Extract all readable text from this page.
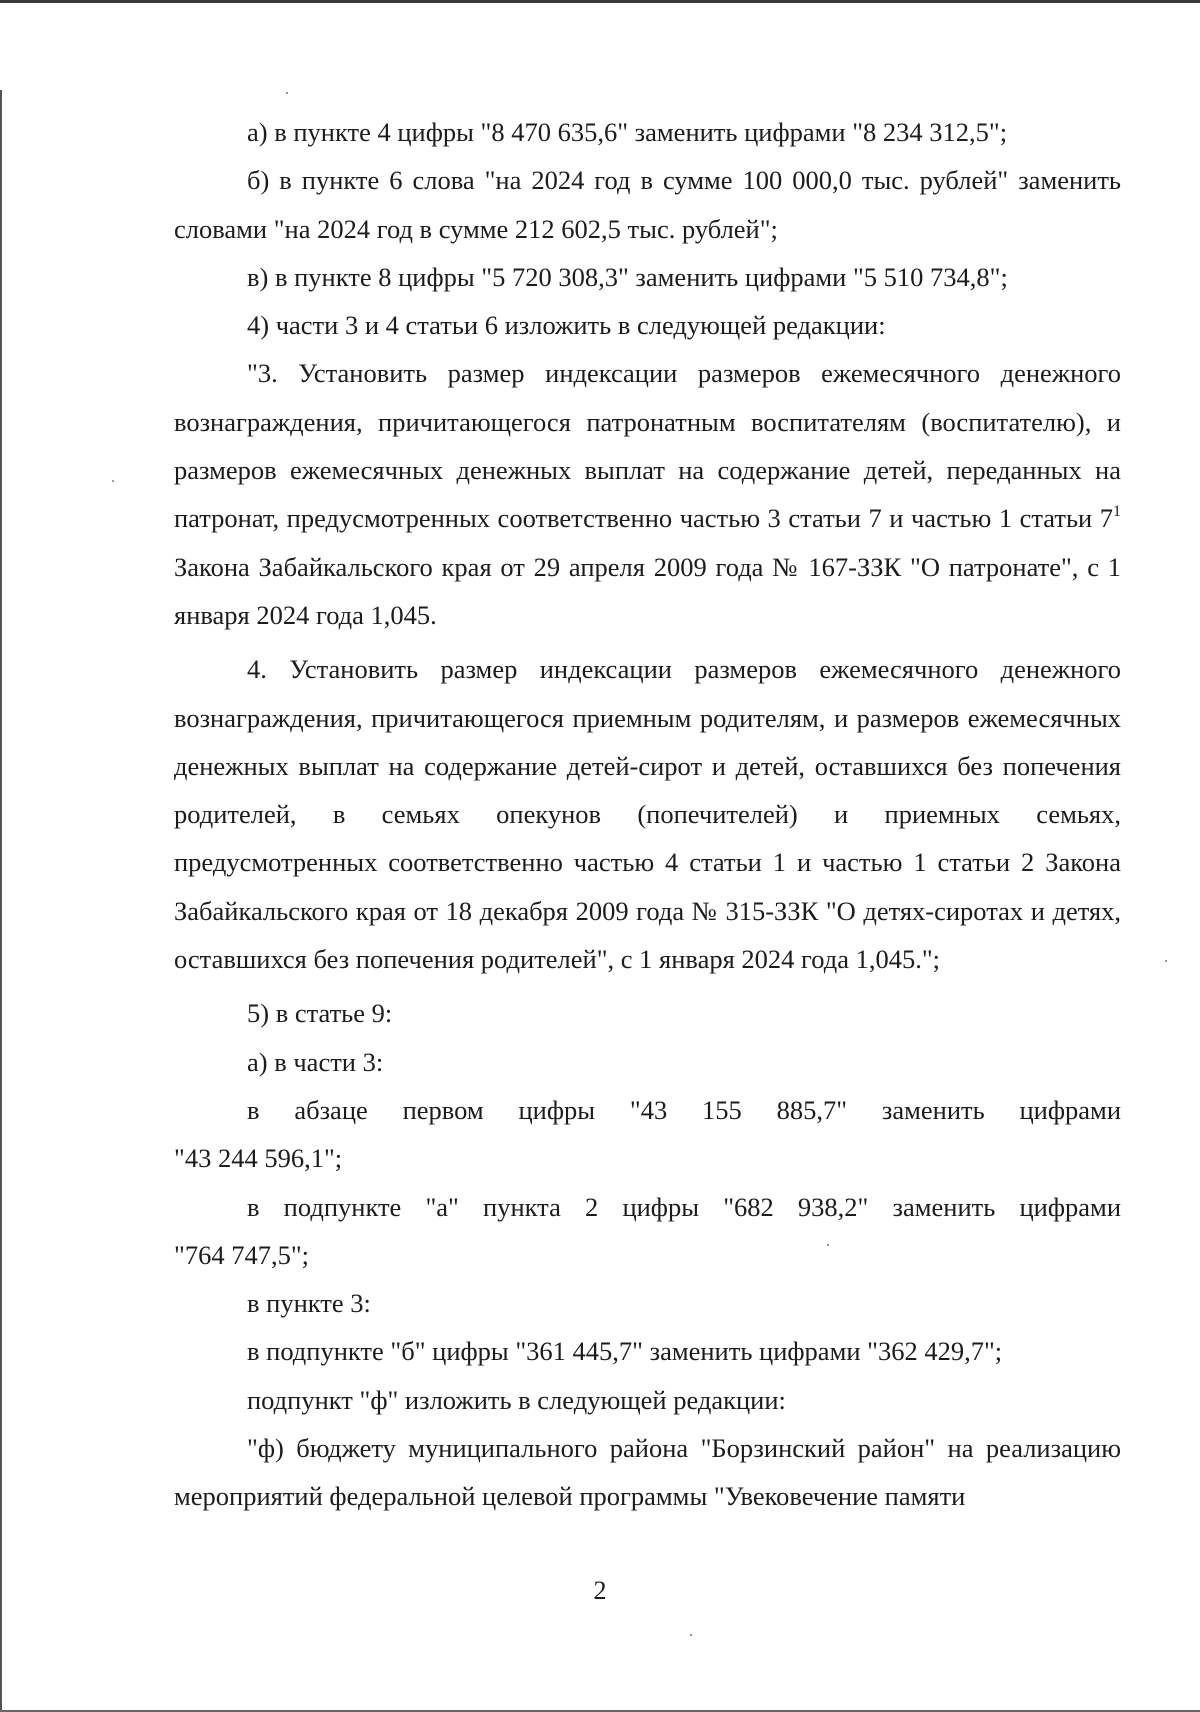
а) в пункте 4 цифры "8 470 635,6" заменить цифрами "8 234 312,5";

б) в пункте 6 слова "на 2024 год в сумме 100 000,0 тыс. рублей" заменить словами "на 2024 год в сумме 212 602,5 тыс. рублей";

в) в пункте 8 цифры "5 720 308,3" заменить цифрами "5 510 734,8";

4) части 3 и 4 статьи 6 изложить в следующей редакции:

"3. Установить размер индексации размеров ежемесячного денежного вознаграждения, причитающегося патронатным воспитателям (воспитателю), и размеров ежемесячных денежных выплат на содержание детей, переданных на патронат, предусмотренных соответственно частью 3 статьи 7 и частью 1 статьи $7^1$ Закона Забайкальского края от 29 апреля 2009 года № 167-ЗЗК "О патронате", с 1 января 2024 года 1,045.

4. Установить размер индексации размеров ежемесячного денежного вознаграждения, причитающегося приемным родителям, и размеров ежемесячных денежных выплат на содержание детей-сирот и детей, оставшихся без попечения родителей, в семьях опекунов (попечителей) и приемных семьях, предусмотренных соответственно частью 4 статьи 1 и частью 1 статьи 2 Закона Забайкальского края от 18 декабря 2009 года № 315-ЗЗК "О детях-сиротах и детях, оставшихся без попечения родителей", с 1 января 2024 года 1,045.";

5) в статье 9:

а) в части 3:

в абзаце первом цифры "43 155 885,7" заменить цифрами

"43 244 596,1";

в подпункте "а" пункта 2 цифры "682 938,2" заменить цифрами

"764 747,5";

в пункте 3:

в подпункте "б" цифры "361 445,7" заменить цифрами "362 429,7";

подпункт "ф" изложить в следующей редакции:

"ф) бюджету муниципального района "Борзинский район" на реализацию мероприятий федеральной целевой программы "Увековечение памяти

2
